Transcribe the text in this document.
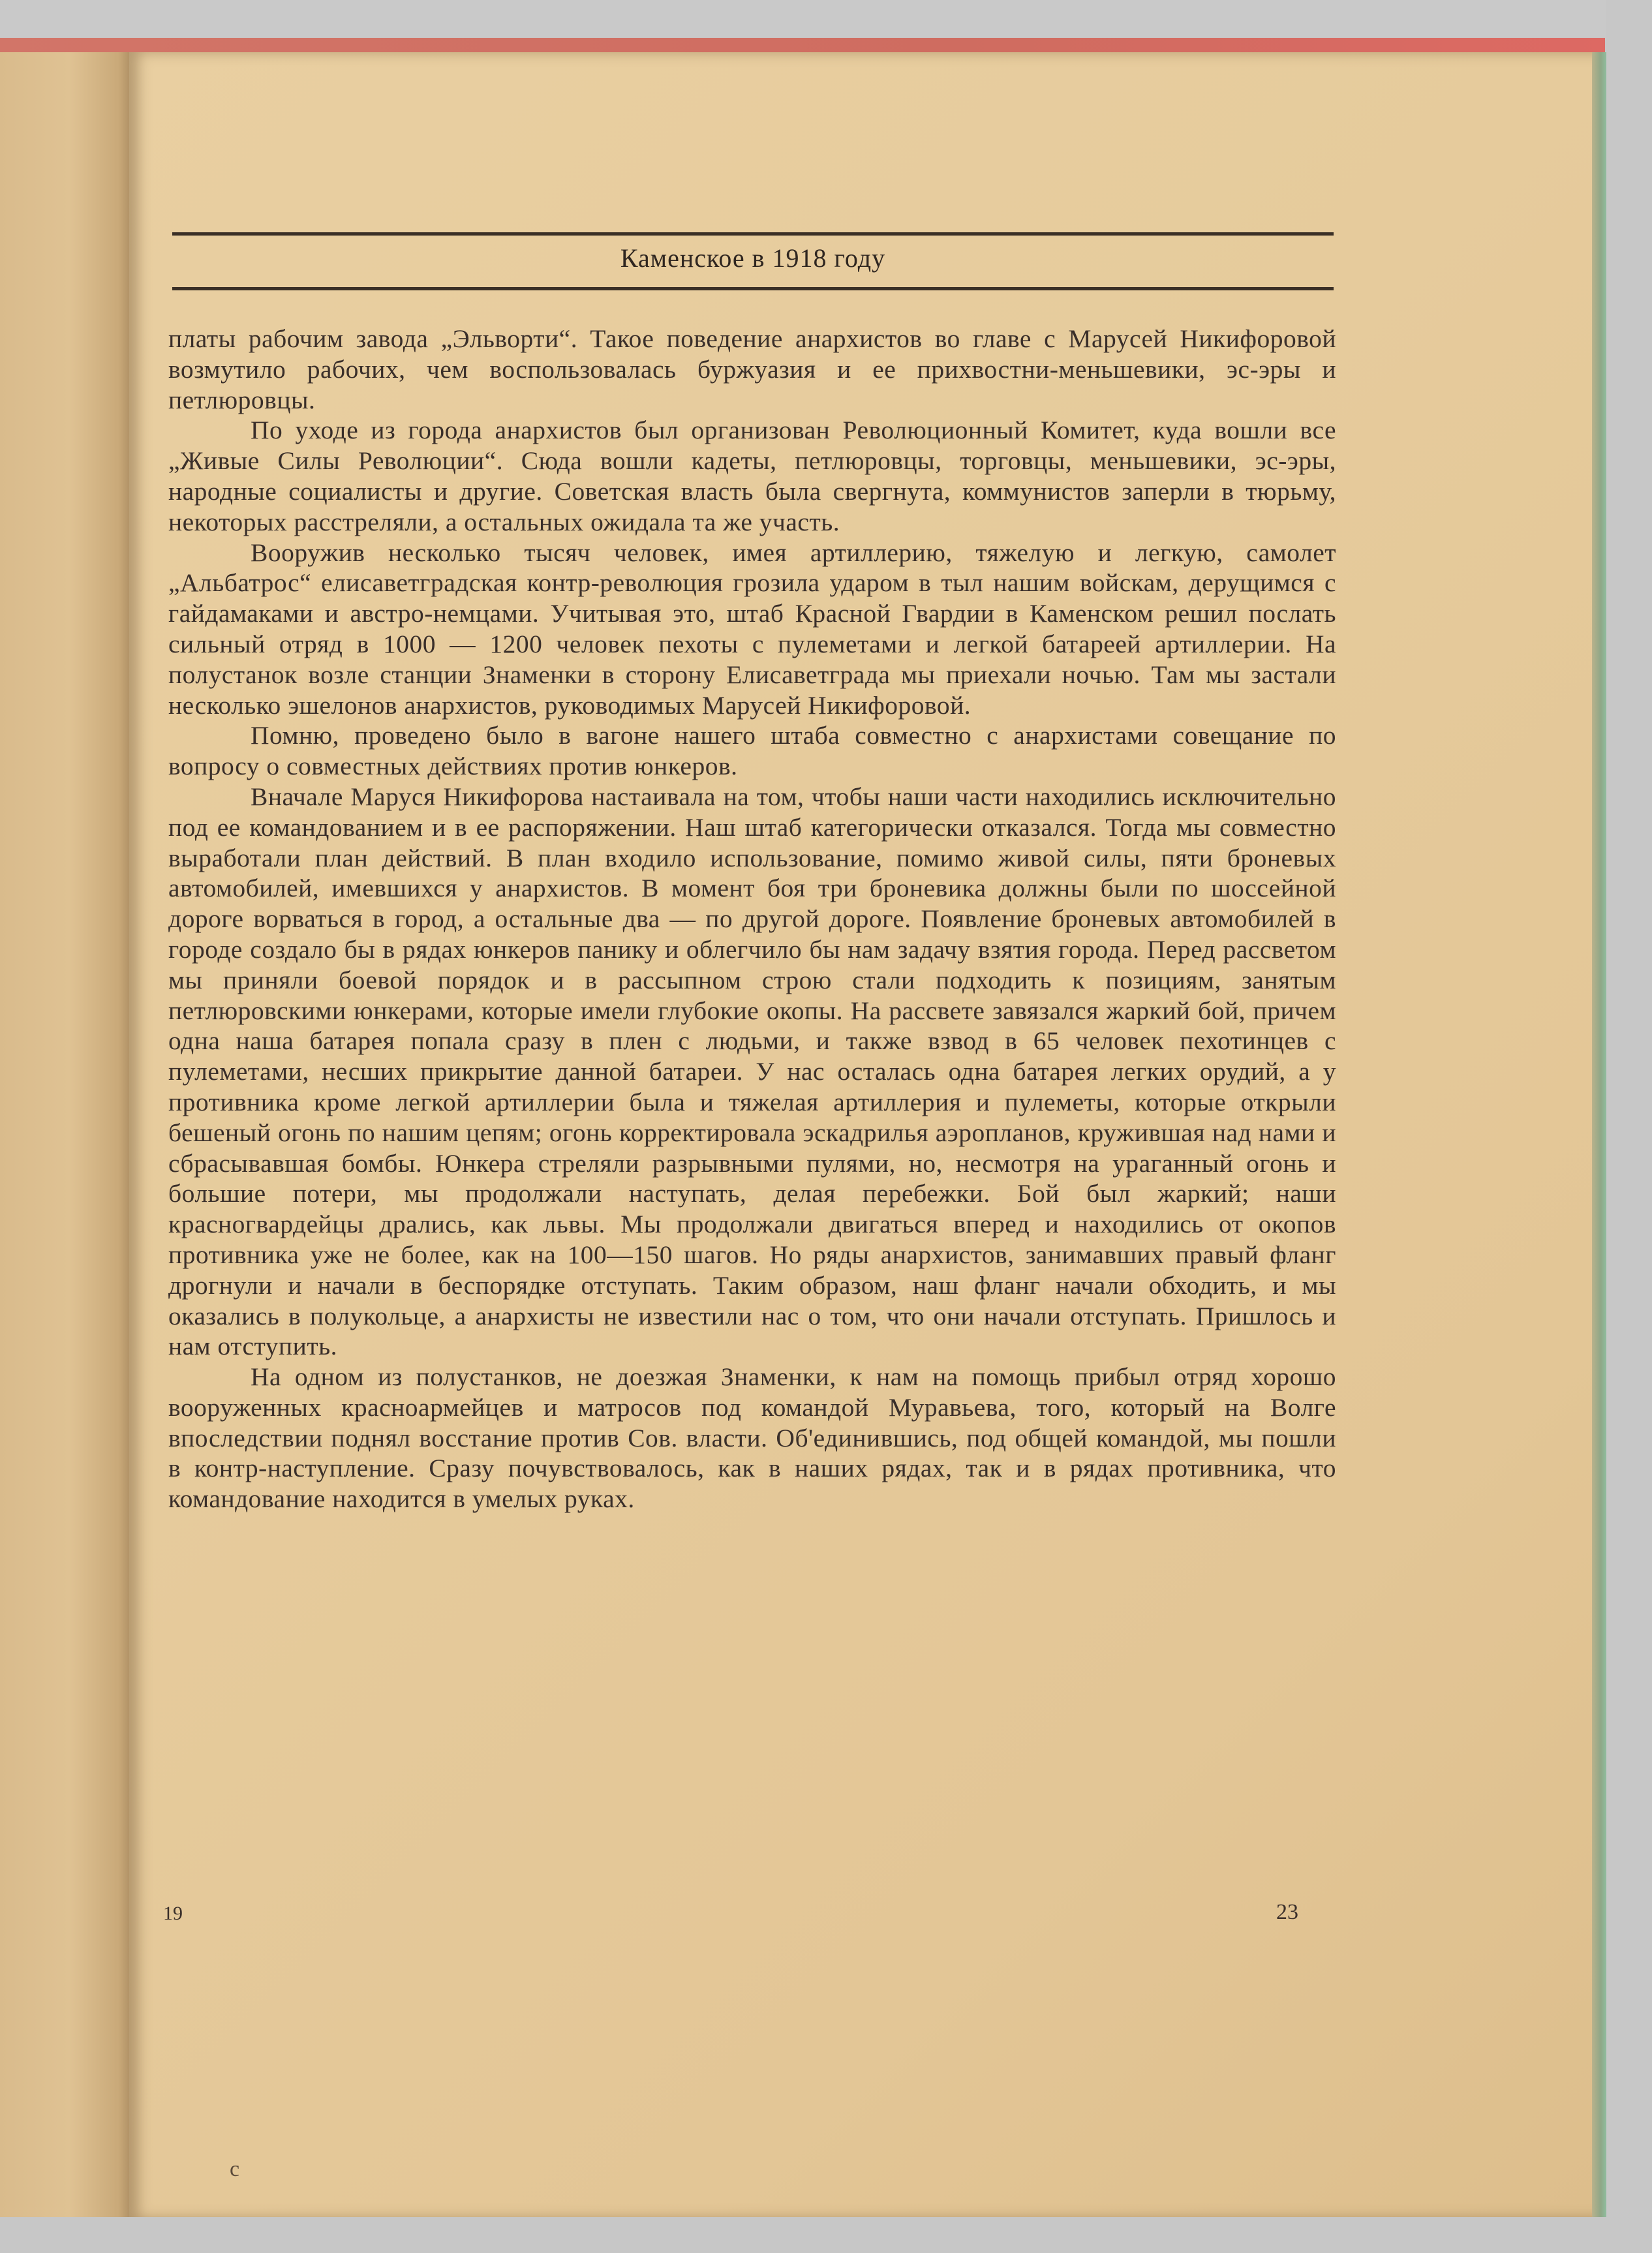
Каменское в 1918 году

платы рабочим завода „Эльворти“. Такое поведение анархистов во главе с Марусей Никифоровой возмутило рабочих, чем воспользовалась буржуазия и ее прихвостни-меньшевики, эс-эры и петлюровцы.

По уходе из города анархистов был организован Революционный Комитет, куда вошли все „Живые Силы Революции“. Сюда вошли кадеты, петлюровцы, торговцы, меньшевики, эс-эры, народные социалисты и другие. Советская власть была свергнута, коммунистов заперли в тюрьму, некоторых расстреляли, а остальных ожидала та же участь.

Вооружив несколько тысяч человек, имея артиллерию, тяжелую и легкую, самолет „Альбатрос“ елисаветградская контр-революция грозила ударом в тыл нашим войскам, дерущимся с гайдамаками и австро-немцами. Учитывая это, штаб Красной Гвардии в Каменском решил послать сильный отряд в 1000 — 1200 человек пехоты с пулеметами и легкой батареей артиллерии. На полустанок возле станции Знаменки в сторону Елисаветграда мы приехали ночью. Там мы застали несколько эшелонов анархистов, руководимых Марусей Никифоровой.

Помню, проведено было в вагоне нашего штаба совместно с анархистами совещание по вопросу о совместных действиях против юнкеров.

Вначале Маруся Никифорова настаивала на том, чтобы наши части находились исключительно под ее командованием и в ее распоряжении. Наш штаб категорически отказался. Тогда мы совместно выработали план действий. В план входило использование, помимо живой силы, пяти броневых автомобилей, имевшихся у анархистов. В момент боя три броневика должны были по шоссейной дороге ворваться в город, а остальные два — по другой дороге. Появление броневых автомобилей в городе создало бы в рядах юнкеров панику и облегчило бы нам задачу взятия города. Перед рассветом мы приняли боевой порядок и в рассыпном строю стали подходить к позициям, занятым петлюровскими юнкерами, которые имели глубокие окопы. На рассвете завязался жаркий бой, причем одна наша батарея попала сразу в плен с людьми, и также взвод в 65 человек пехотинцев с пулеметами, несших прикрытие данной батареи. У нас осталась одна батарея легких орудий, а у противника кроме легкой артиллерии была и тяжелая артиллерия и пулеметы, которые открыли бешеный огонь по нашим цепям; огонь корректировала эскадрилья аэропланов, кружившая над нами и сбрасывавшая бомбы. Юнкера стреляли разрывными пулями, но, несмотря на ураганный огонь и большие потери, мы продолжали наступать, делая перебежки. Бой был жаркий; наши красногвардейцы дрались, как львы. Мы продолжали двигаться вперед и находились от окопов противника уже не более, как на 100—150 шагов. Но ряды анархистов, занимавших правый фланг дрогнули и начали в беспорядке отступать. Таким образом, наш фланг начали обходить, и мы оказались в полукольце, а анархисты не известили нас о том, что они начали отступать. Пришлось и нам отступить.

На одном из полустанков, не доезжая Знаменки, к нам на помощь прибыл отряд хорошо вооруженных красноармейцев и матросов под командой Муравьева, того, который на Волге впоследствии поднял восстание против Сов. власти. Об'единившись, под общей командой, мы пошли в контр-наступление. Сразу почувствовалось, как в наших рядах, так и в рядах противника, что командование находится в умелых руках.

19	23
c
